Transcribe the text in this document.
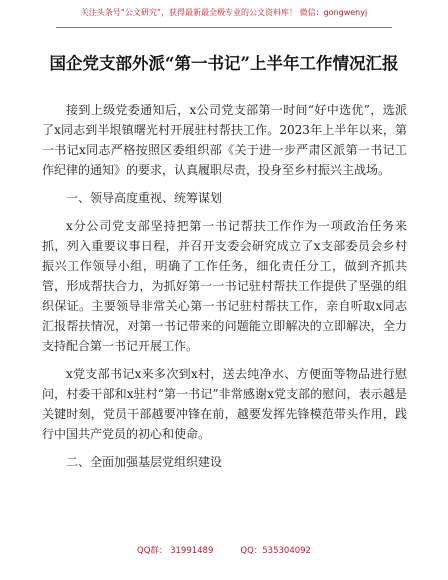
关注头条号“公文研究”，获得最新最全极专业的公文资料库！ 微信：gongwenyj
国企党支部外派“第一书记”上半年工作情况汇报

接到上级党委通知后，x公司党支部第一时间“好中选优”，选派了x同志到半垠镇曙光村开展驻村帮扶工作。2023年上半年以来，第一书记x同志严格按照区委组织部《关于进一步严肃区派第一书记工作纪律的通知》的要求，认真履职尽责，投身至乡村振兴主战场。

一、领导高度重视、统筹谋划

x分公司党支部坚持把第一书记帮扶工作作为一项政治任务来抓，列入重要议事日程，并召开支委会研究成立了x支部委员会乡村振兴工作领导小组，明确了工作任务，细化责任分工，做到齐抓共管，形成帮扶合力，为抓好第一一书记驻村帮扶工作提供了坚强的组织保证。主要领导非常关心第一书记驻村帮扶工作，亲自听取x同志汇报帮扶情况，对第一书记带来的问题能立即解决的立即解决，全力支持配合第一书记开展工作。

x党支部书记x来多次到x村，送去纯净水、方便面等物品进行慰问，村委干部和x驻村“第一书记”非常感谢x党支部的慰问，表示越是关键时刻，党员干部越要冲锋在前，越要发挥先锋模范带头作用，践行中国共产党员的初心和使命。

二、全面加强基层党组织建设
QQ群： 31991489          QQ：535304092
